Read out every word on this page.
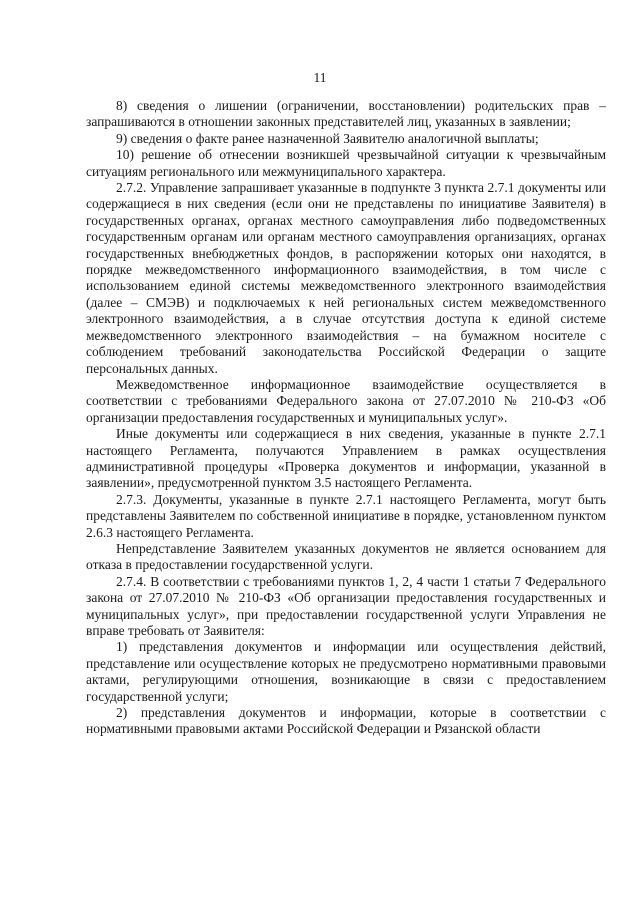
11

8) сведения о лишении (ограничении, восстановлении) родительских прав – запрашиваются в отношении законных представителей лиц, указанных в заявлении;

9) сведения о факте ранее назначенной Заявителю аналогичной выплаты;

10) решение об отнесении возникшей чрезвычайной ситуации к чрезвычайным ситуациям регионального или межмуниципального характера.

2.7.2. Управление запрашивает указанные в подпункте 3 пункта 2.7.1 документы или содержащиеся в них сведения (если они не представлены по инициативе Заявителя) в государственных органах, органах местного самоуправления либо подведомственных государственным органам или органам местного самоуправления организациях, органах государственных внебюджетных фондов, в распоряжении которых они находятся, в порядке межведомственного информационного взаимодействия, в том числе с использованием единой системы межведомственного электронного взаимодействия (далее – СМЭВ) и подключаемых к ней региональных систем межведомственного электронного взаимодействия, а в случае отсутствия доступа к единой системе межведомственного электронного взаимодействия – на бумажном носителе с соблюдением требований законодательства Российской Федерации о защите персональных данных.

Межведомственное информационное взаимодействие осуществляется в соответствии с требованиями Федерального закона от 27.07.2010 № 210-ФЗ «Об организации предоставления государственных и муниципальных услуг».

Иные документы или содержащиеся в них сведения, указанные в пункте 2.7.1 настоящего Регламента, получаются Управлением в рамках осуществления административной процедуры «Проверка документов и информации, указанной в заявлении», предусмотренной пунктом 3.5 настоящего Регламента.

2.7.3. Документы, указанные в пункте 2.7.1 настоящего Регламента, могут быть представлены Заявителем по собственной инициативе в порядке, установленном пунктом 2.6.3 настоящего Регламента.

Непредставление Заявителем указанных документов не является основанием для отказа в предоставлении государственной услуги.

2.7.4. В соответствии с требованиями пунктов 1, 2, 4 части 1 статьи 7 Федерального закона от 27.07.2010 № 210-ФЗ «Об организации предоставления государственных и муниципальных услуг», при предоставлении государственной услуги Управления не вправе требовать от Заявителя:

1) представления документов и информации или осуществления действий, представление или осуществление которых не предусмотрено нормативными правовыми актами, регулирующими отношения, возникающие в связи с предоставлением государственной услуги;

2) представления документов и информации, которые в соответствии с нормативными правовыми актами Российской Федерации и Рязанской области
